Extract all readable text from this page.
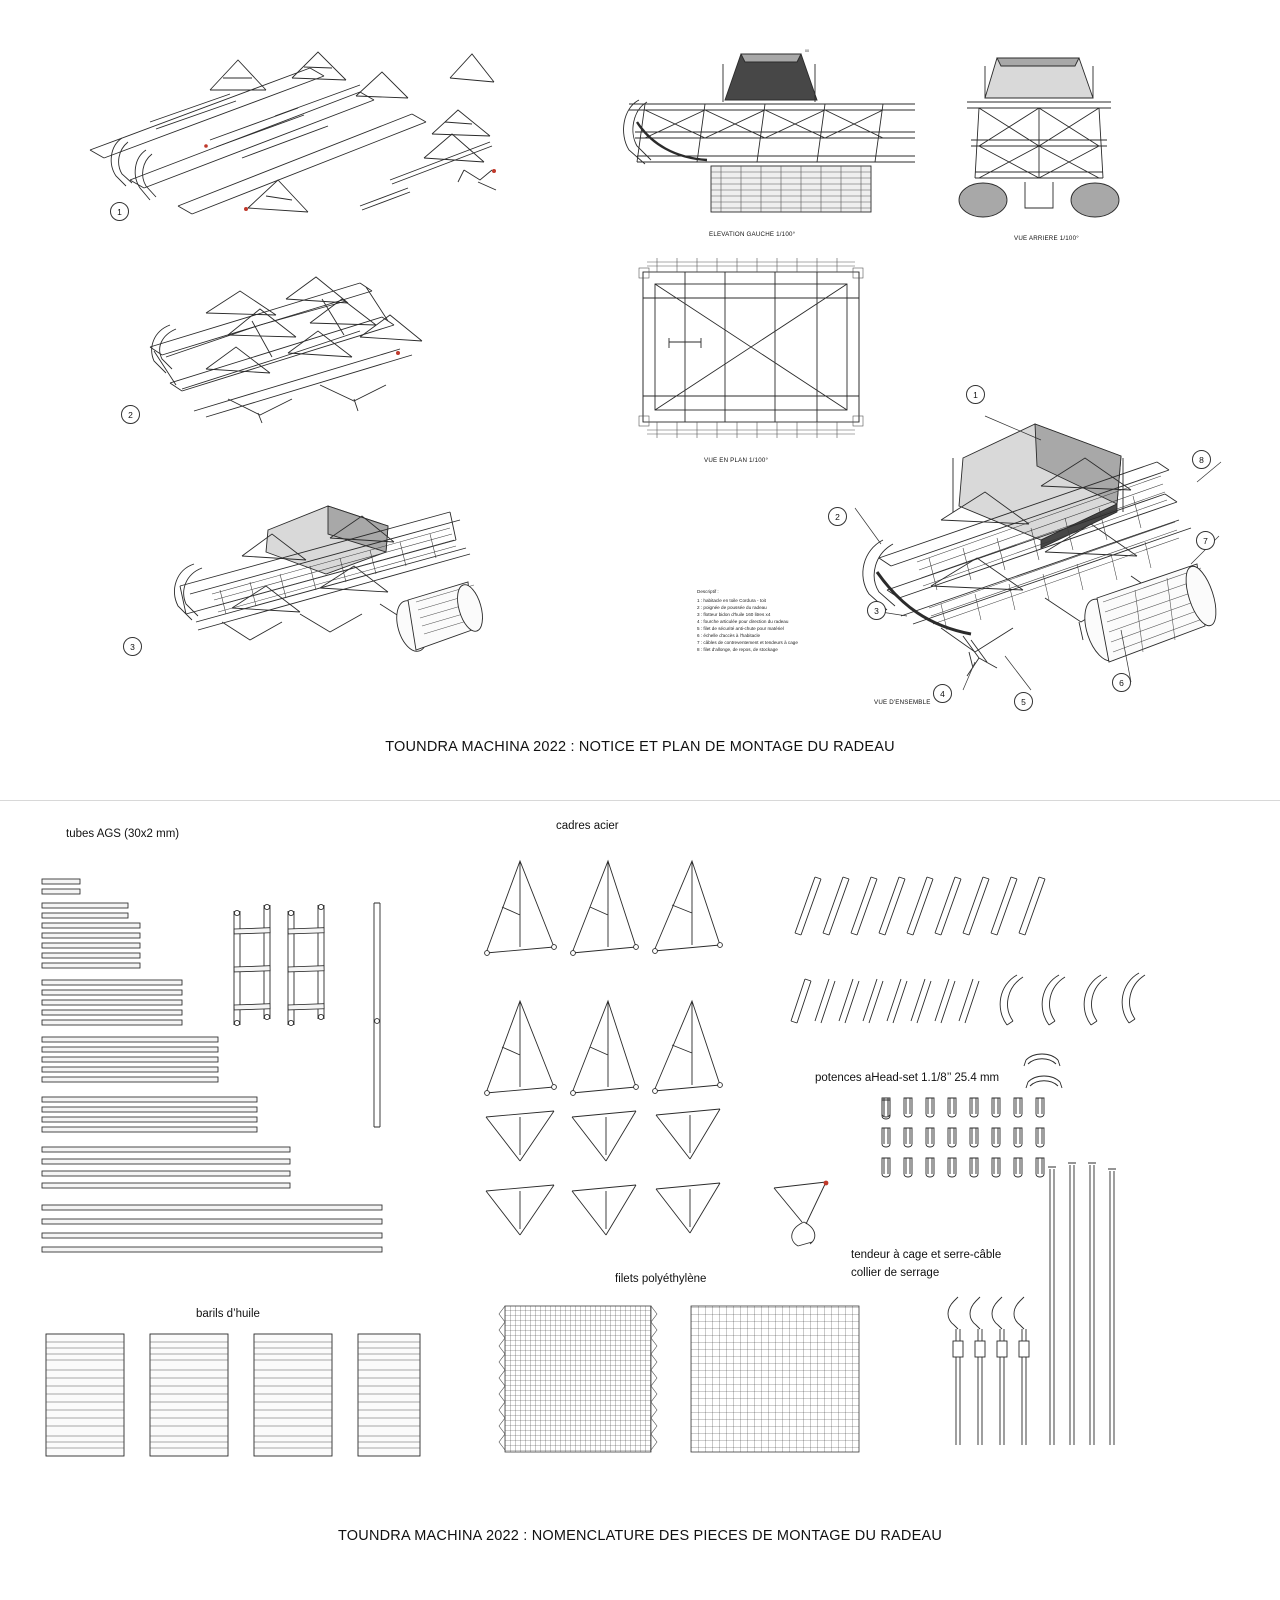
1
2
3
00
ELEVATION GAUCHE 1/100°
VUE ARRIERE 1/100°
VUE EN PLAN 1/100°
Descriptif :
1 : habitacle en toile Cordura - toit
2 : poignée de poussée du radeau
3 : flotteur bidon d'huile 160 litres x4
4 : fourche articulée pour direction du radeau
5 : filet de sécurité anti-chute pour matériel
6 : échelle d'accès à l'habitacle
7 : câbles de contreventement et tendeurs à cage
8 : filet d'allonge, de repos, de stockage
1
2
3
4
5
6
7
8
VUE D'ENSEMBLE
TOUNDRA MACHINA 2022 : NOTICE ET PLAN DE MONTAGE DU RADEAU
tubes AGS (30x2 mm)
cadres acier
potences aHead-set 1.1/8’’ 25.4 mm
tendeur à cage et serre-câble
collier de serrage
filets polyéthylène
barils d’huile
TOUNDRA MACHINA 2022 : NOMENCLATURE DES PIECES DE MONTAGE DU RADEAU
